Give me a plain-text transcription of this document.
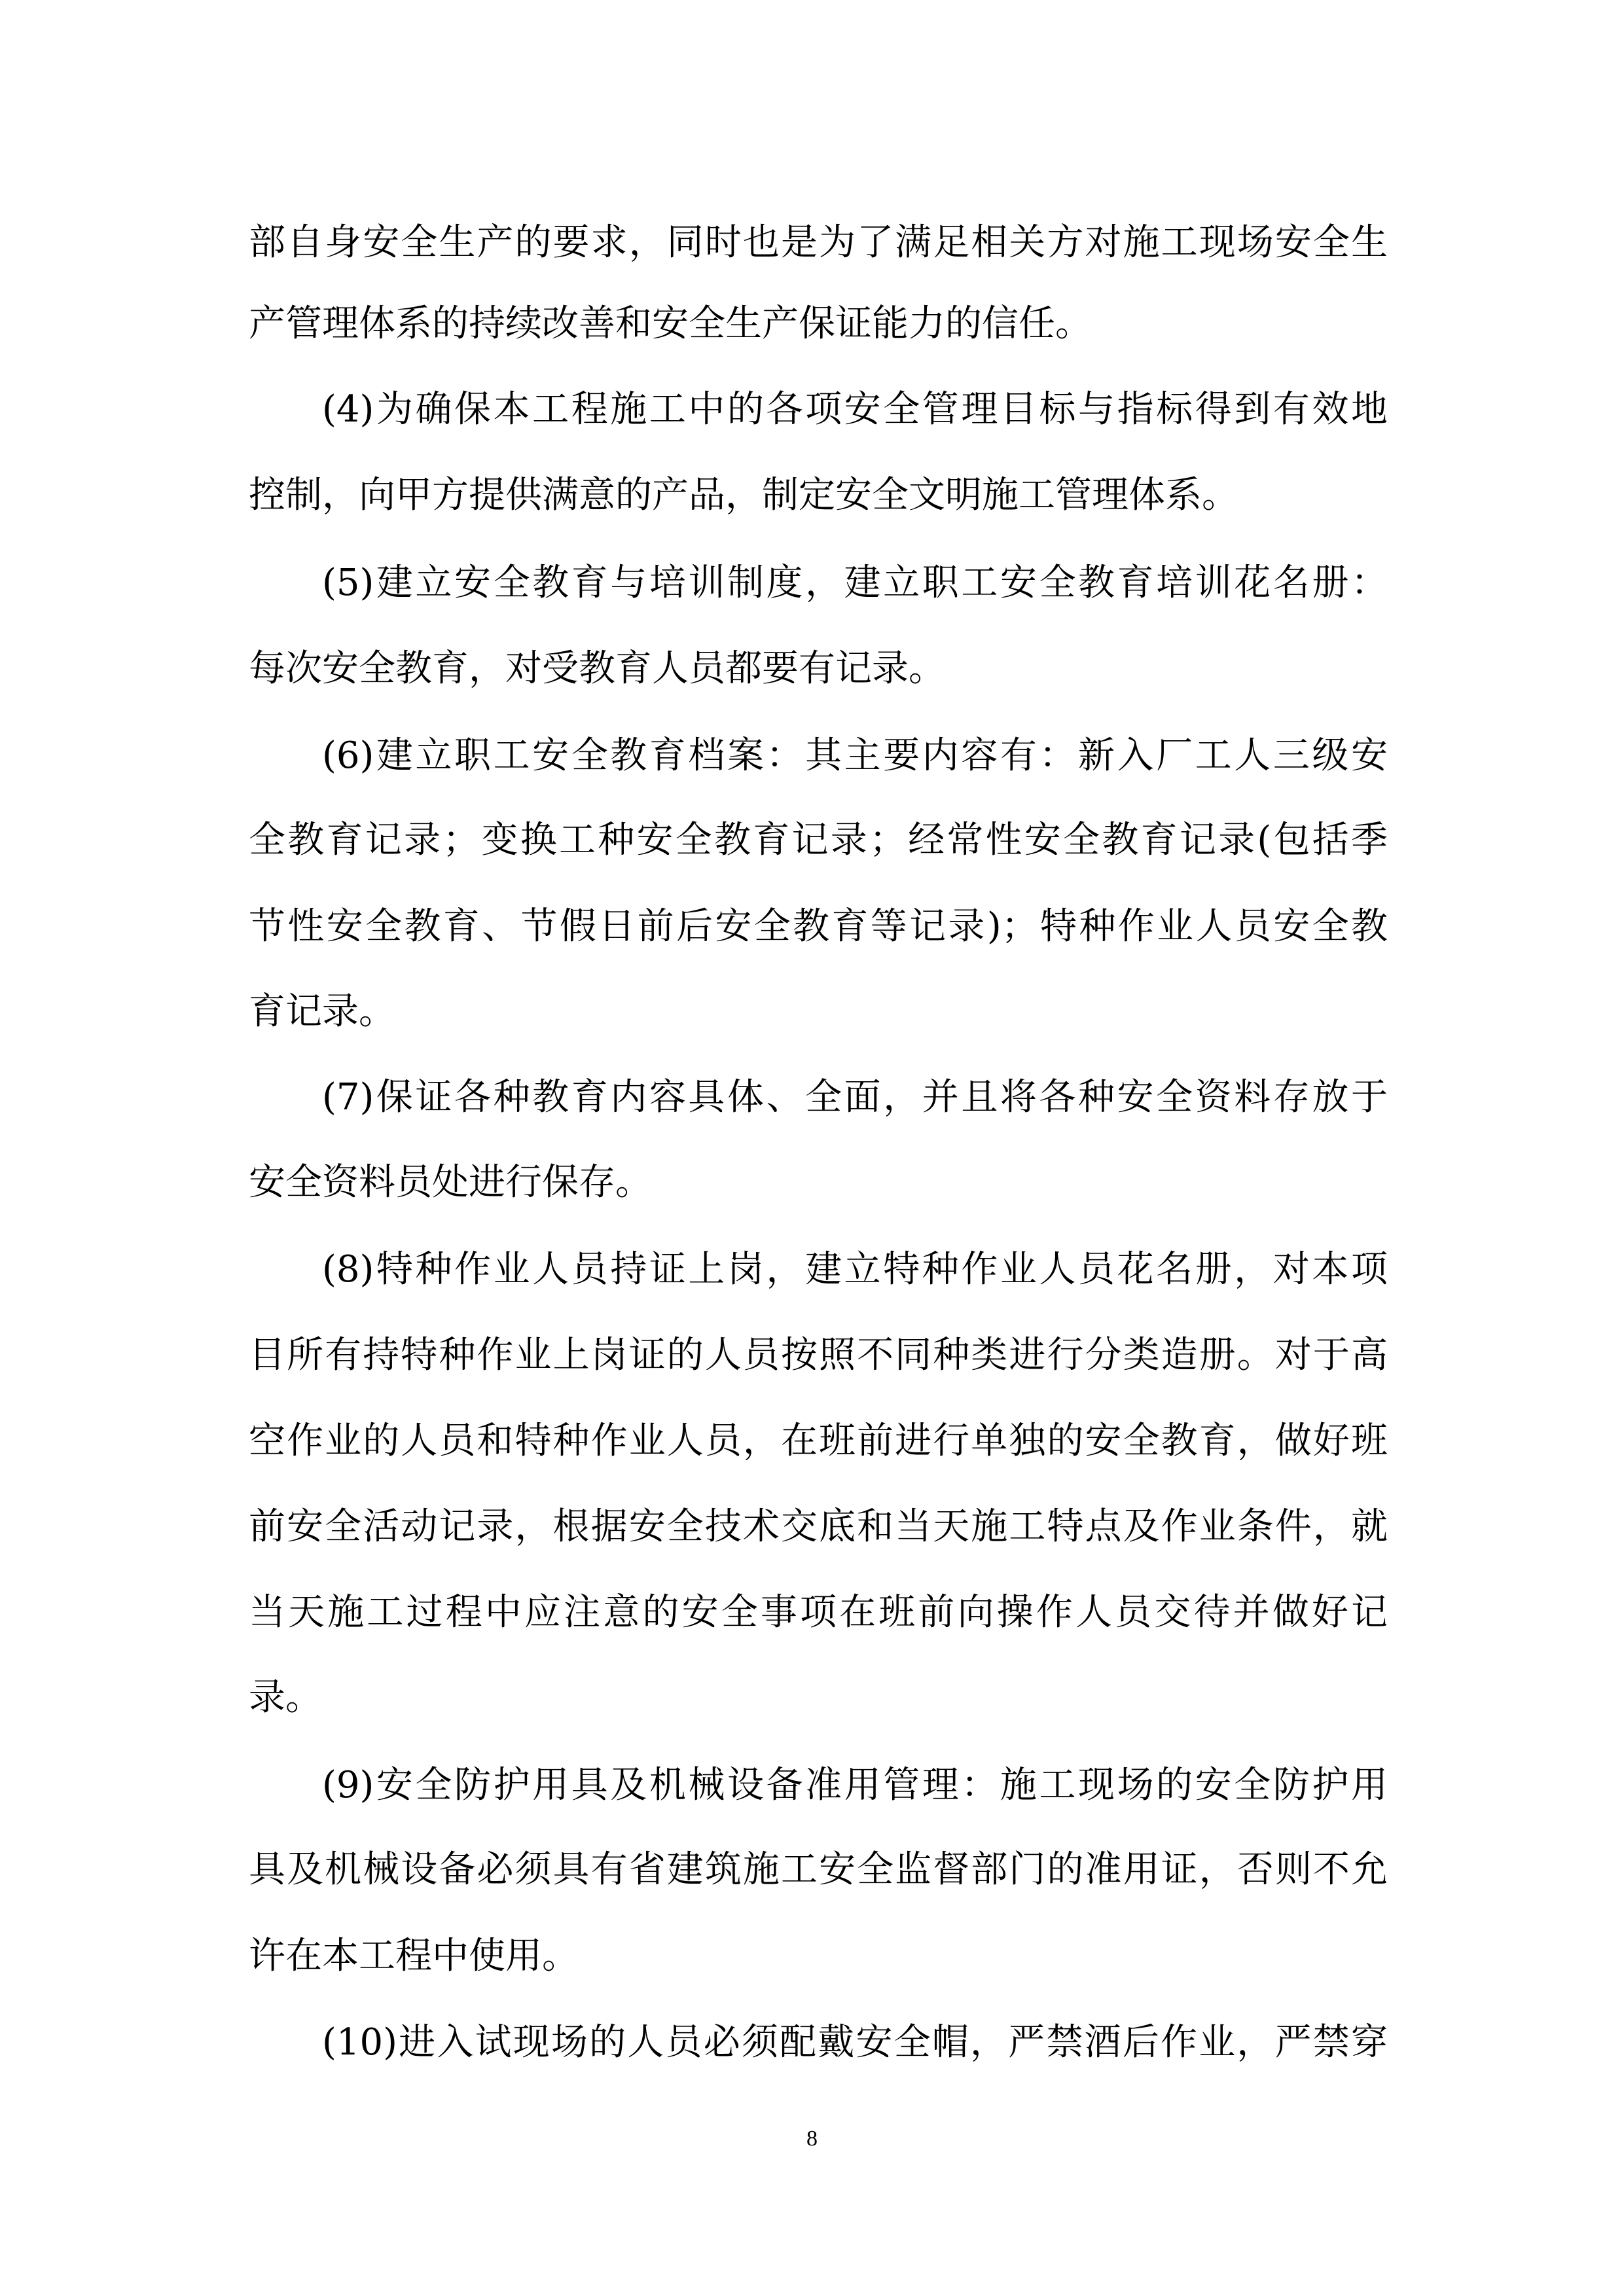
部自身安全生产的要求，同时也是为了满足相关方对施工现场安全生
产管理体系的持续改善和安全生产保证能力的信任。
(4)为确保本工程施工中的各项安全管理目标与指标得到有效地
控制，向甲方提供满意的产品，制定安全文明施工管理体系。
(5)建立安全教育与培训制度，建立职工安全教育培训花名册：
每次安全教育，对受教育人员都要有记录。
(6)建立职工安全教育档案：其主要内容有：新入厂工人三级安
全教育记录；变换工种安全教育记录；经常性安全教育记录(包括季
节性安全教育、节假日前后安全教育等记录)；特种作业人员安全教
育记录。
(7)保证各种教育内容具体、全面，并且将各种安全资料存放于
安全资料员处进行保存。
(8)特种作业人员持证上岗，建立特种作业人员花名册，对本项
目所有持特种作业上岗证的人员按照不同种类进行分类造册。对于高
空作业的人员和特种作业人员，在班前进行单独的安全教育，做好班
前安全活动记录，根据安全技术交底和当天施工特点及作业条件，就
当天施工过程中应注意的安全事项在班前向操作人员交待并做好记
录。
(9)安全防护用具及机械设备准用管理：施工现场的安全防护用
具及机械设备必须具有省建筑施工安全监督部门的准用证，否则不允
许在本工程中使用。
(10)进入试现场的人员必须配戴安全帽，严禁酒后作业，严禁穿
8
